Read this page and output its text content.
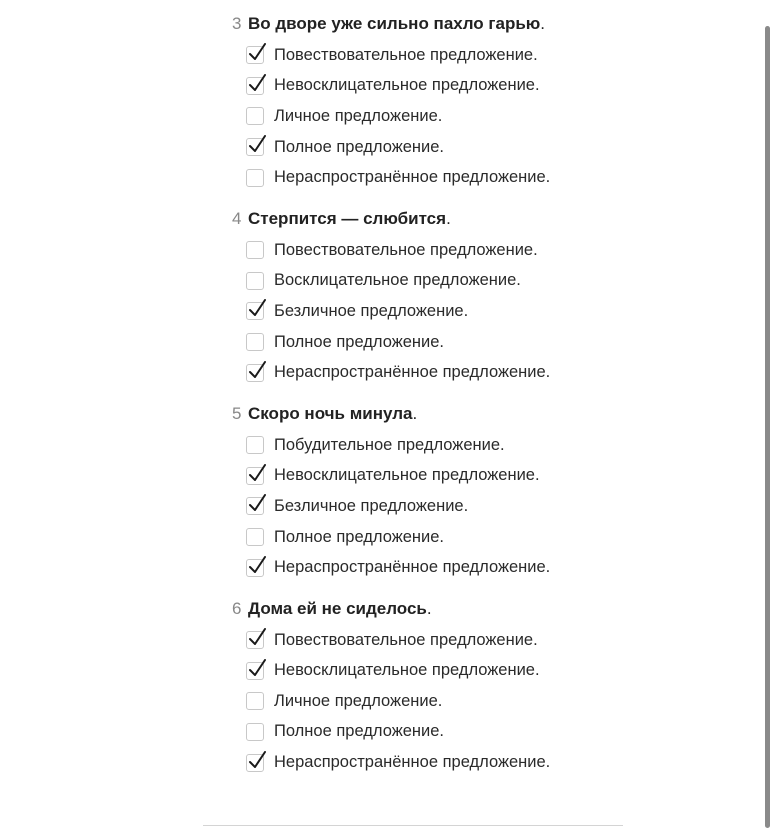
3 Во дворе уже сильно пахло гарью .
Повествовательное предложение.
Невосклицательное предложение.
Личное предложение.
Полное предложение.
Нераспространённое предложение.
4 Стерпится — слюбится .
Повествовательное предложение.
Восклицательное предложение.
Безличное предложение.
Полное предложение.
Нераспространённое предложение.
5 Скоро ночь минула .
Побудительное предложение.
Невосклицательное предложение.
Безличное предложение.
Полное предложение.
Нераспространённое предложение.
6 Дома ей не сиделось .
Повествовательное предложение.
Невосклицательное предложение.
Личное предложение.
Полное предложение.
Нераспространённое предложение.
